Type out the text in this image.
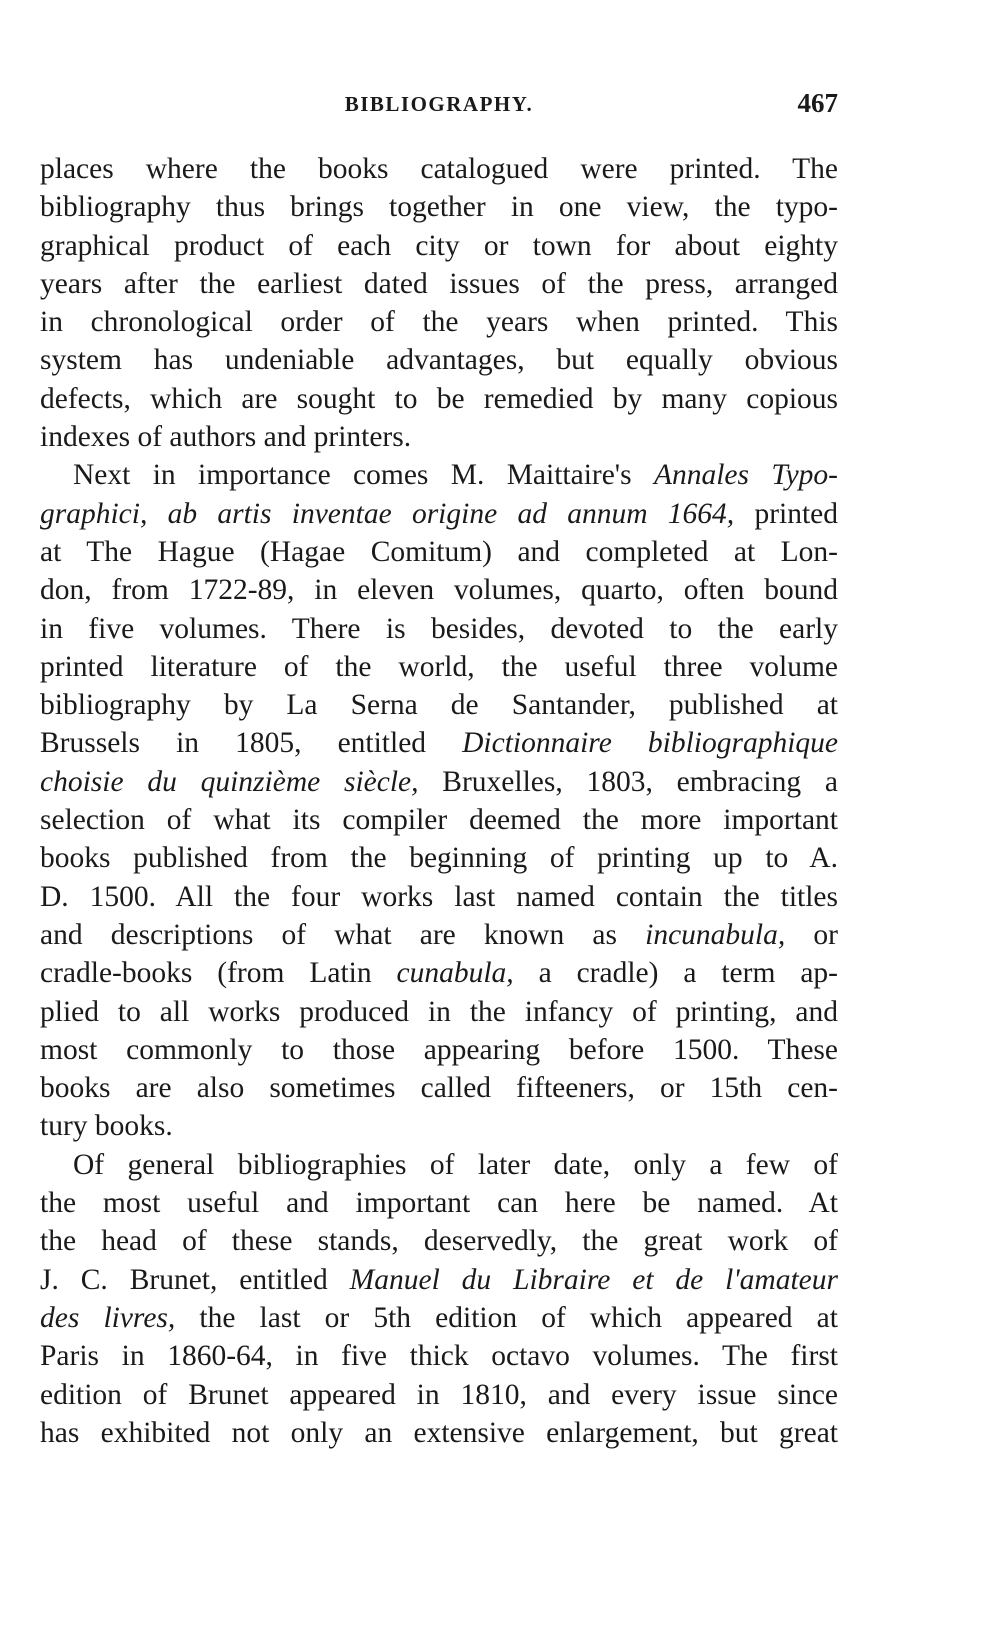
BIBLIOGRAPHY.	467

places where the books catalogued were printed. The
bibliography thus brings together in one view, the typo-
graphical product of each city or town for about eighty
years after the earliest dated issues of the press, arranged
in chronological order of the years when printed. This
system has undeniable advantages, but equally obvious
defects, which are sought to be remedied by many copious
indexes of authors and printers.

Next in importance comes M. Maittaire's Annales Typo-
graphici, ab artis inventae origine ad annum 1664, printed
at The Hague (Hagae Comitum) and completed at Lon-
don, from 1722-89, in eleven volumes, quarto, often bound
in five volumes. There is besides, devoted to the early
printed literature of the world, the useful three volume
bibliography by La Serna de Santander, published at
Brussels in 1805, entitled Dictionnaire bibliographique
choisie du quinzième siècle, Bruxelles, 1803, embracing a
selection of what its compiler deemed the more important
books published from the beginning of printing up to A.
D. 1500. All the four works last named contain the titles
and descriptions of what are known as incunabula, or
cradle-books (from Latin cunabula, a cradle) a term ap-
plied to all works produced in the infancy of printing, and
most commonly to those appearing before 1500. These
books are also sometimes called fifteeners, or 15th cen-
tury books.

Of general bibliographies of later date, only a few of
the most useful and important can here be named. At
the head of these stands, deservedly, the great work of
J. C. Brunet, entitled Manuel du Libraire et de l'amateur
des livres, the last or 5th edition of which appeared at
Paris in 1860-64, in five thick octavo volumes. The first
edition of Brunet appeared in 1810, and every issue since
has exhibited not only an extensive enlargement, but great
